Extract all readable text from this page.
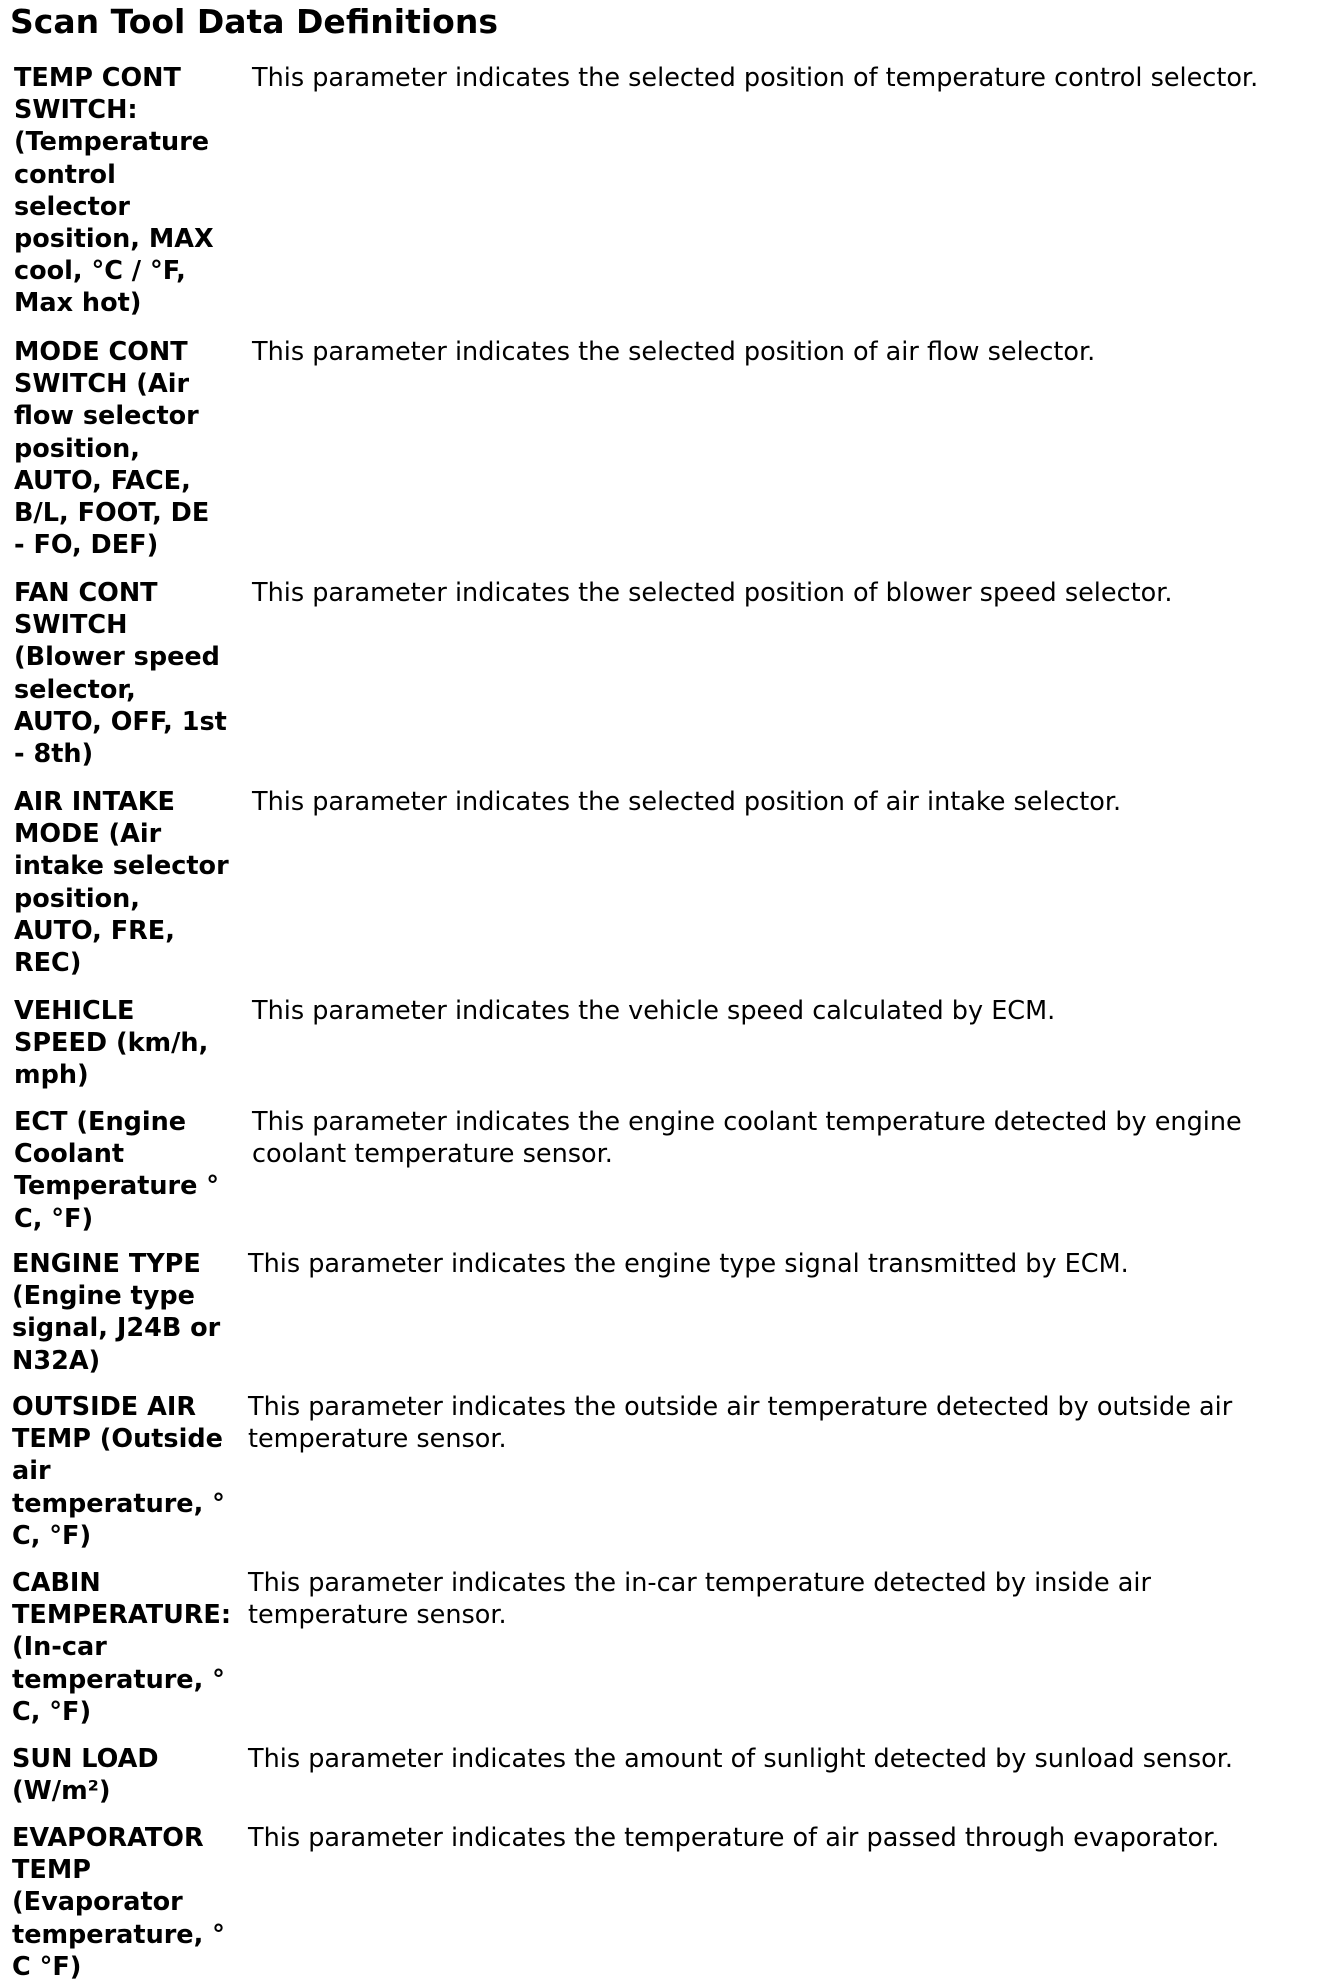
Scan Tool Data Definitions
TEMP CONT
SWITCH:
(Temperature
control
selector
position, MAX
cool, °C / °F,
Max hot)
This parameter indicates the selected position of temperature control selector.
MODE CONT
SWITCH (Air
flow selector
position,
AUTO, FACE,
B/L, FOOT, DE
- FO, DEF)
This parameter indicates the selected position of air flow selector.
FAN CONT
SWITCH
(Blower speed
selector,
AUTO, OFF, 1st
- 8th)
This parameter indicates the selected position of blower speed selector.
AIR INTAKE
MODE (Air
intake selector
position,
AUTO, FRE,
REC)
This parameter indicates the selected position of air intake selector.
VEHICLE
SPEED (km/h,
mph)
This parameter indicates the vehicle speed calculated by ECM.
ECT (Engine
Coolant
Temperature °
C, °F)
This parameter indicates the engine coolant temperature detected by engine
coolant temperature sensor.
ENGINE TYPE
(Engine type
signal, J24B or
N32A)
This parameter indicates the engine type signal transmitted by ECM.
OUTSIDE AIR
TEMP (Outside
air
temperature, °
C, °F)
This parameter indicates the outside air temperature detected by outside air
temperature sensor.
CABIN
TEMPERATURE:
(In-car
temperature, °
C, °F)
This parameter indicates the in-car temperature detected by inside air
temperature sensor.
SUN LOAD
(W/m²)
This parameter indicates the amount of sunlight detected by sunload sensor.
EVAPORATOR
TEMP
(Evaporator
temperature, °
C °F)
This parameter indicates the temperature of air passed through evaporator.
